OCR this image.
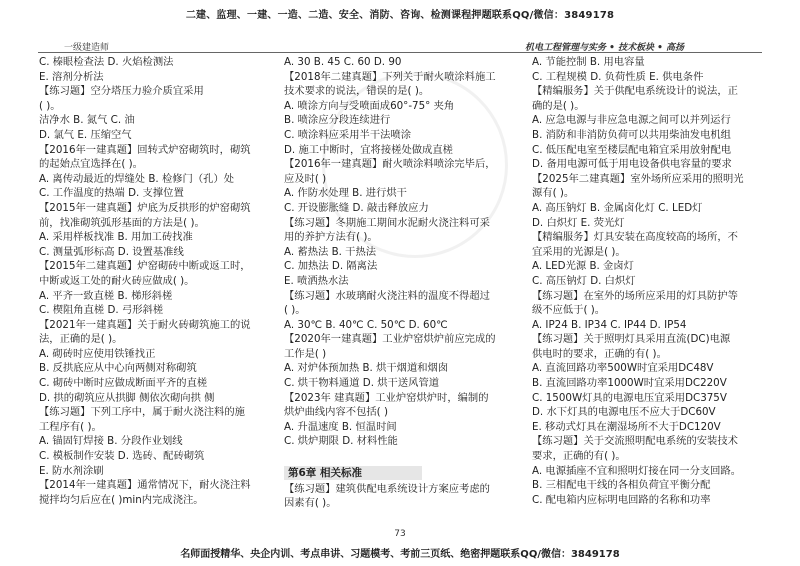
二建、监理、一建、一造、二造、安全、消防、咨询、检测课程押题联系QQ/微信：3849178
一级建造师	机电工程管理与实务 • 技术板块 • 高扬
C. 榛眼检查法 D. 火焰检测法
E. 溶剂分析法
【练习题】空分塔压力验介质宜采用
( )。
洁净水 B. 氮气 C. 油
D. 氯气 E. 压缩空气
【2016年一建真题】回转式炉窑砌筑时，砌筑
的起始点宜选择在( )。
A. 离传动最近的焊缝处 B. 检修门（孔）处
C. 工作温度的热端 D. 支撑位置
【2015年一建真题】炉底为反拱形的炉窑砌筑
前，找准砌筑弧形基面的方法是( )。
A. 采用样板找准 B. 用加工砖找准
C. 测量弧形标高 D. 设置基准线
【2015年二建真题】炉窑砌砖中断或返工时，
中断或返工处的耐火砖应做成( )。
A. 平齐一致直槎 B. 梯形斜槎
C. 楔阻角直槎 D. 弓形斜槎
【2021年一建真题】关于耐火砖砌筑施工的说
法，正确的是( )。
A. 砌砖时应使用铁锤找正
B. 反拱底应从中心向两侧对称砌筑
C. 砌砖中断时应做成断面平齐的直槎
D. 拱的砌筑应从拱脚 侧依次砌向拱 侧
【练习题】下列工序中，属于耐火浇注料的施
工程序有( )。
A. 锚固钉焊接 B. 分段作业划线
C. 模板制作安装 D. 选砖、配砖砌筑
E. 防水剂涂刷
【2014年一建真题】通常情况下，耐火浇注料
搅拌均匀后应在( )min内完成浇注。
A. 30 B. 45 C. 60 D. 90
【2018年二建真题】下列关于耐火喷涂料施工
技术要求的说法，错误的是( )。
A. 喷涂方向与受喷面成60°-75° 夹角
B. 喷涂应分段连续进行
C. 喷涂料应采用半干法喷涂
D. 施工中断时，宜将接槎处做成直槎
【2016年一建真题】耐火喷涂料喷涂完毕后，
应及时( )
A. 作防水处理 B. 进行烘干
C. 开设膨胀缝 D. 敲击释放应力
【练习题】冬期施工期间水泥耐火浇注料可采
用的养护方法有( )。
A. 蓄热法 B. 干热法
C. 加热法 D. 隔离法
E. 喷洒热水法
【练习题】水玻璃耐火浇注料的温度不得超过
( )。
A. 30℃ B. 40℃ C. 50℃ D. 60℃
【2020年一建真题】工业炉窑烘炉前应完成的
工作是( )
A. 对炉体预加热 B. 烘干烟道和烟囱
C. 烘干物料通道 D. 烘干送风管道
【2023年 建真题】工业炉窑烘炉时，编制的
烘炉曲线内容不包括( )
A. 升温速度 B. 恒温时间
C. 烘炉期限 D. 材料性能
第6章 相关标准
【练习题】建筑供配电系统设计方案应考虑的
因素有( )。
A. 节能控制 B. 用电容量
C. 工程规模 D. 负荷性质 E. 供电条件
【精编服务】关于供配电系统设计的说法，正
确的是( )。
A. 应急电源与非应急电源之间可以并列运行
B. 消防和非消防负荷可以共用柴油发电机组
C. 低压配电室至楼层配电箱宜采用放射配电
D. 备用电源可低于用电设备供电容量的要求
【2025年二建真题】室外场所应采用的照明光
源有( )。
A. 高压钠灯 B. 金属卤化灯 C. LED灯
D. 白炽灯 E. 荧光灯
【精编服务】灯具安装在高度较高的场所，不
宜采用的光源是( )。
A. LED光源 B. 金卤灯
C. 高压钠灯 D. 白炽灯
【练习题】在室外的场所应采用的灯具防护等
级不应低于( )。
A. IP24 B. IP34 C. IP44 D. IP54
【练习题】关于照明灯具采用直流(DC)电源
供电时的要求，正确的有( )。
A. 直流回路功率500W时宜采用DC48V
B. 直流回路功率1000W时宜采用DC220V
C. 1500W灯具的电源电压宜采用DC375V
D. 水下灯具的电源电压不应大于DC60V
E. 移动式灯具在潮湿场所不大于DC120V
【练习题】关于交流照明配电系统的安装技术
要求，正确的有( )。
A. 电源插座不宜和照明灯接在同一分支回路。
B. 三相配电干线的各相负荷宜平衡分配
C. 配电箱内应标明电回路的名称和功率
73
名师面授精华、央企内训、考点串讲、习题模考、考前三页纸、绝密押题联系QQ/微信：3849178
